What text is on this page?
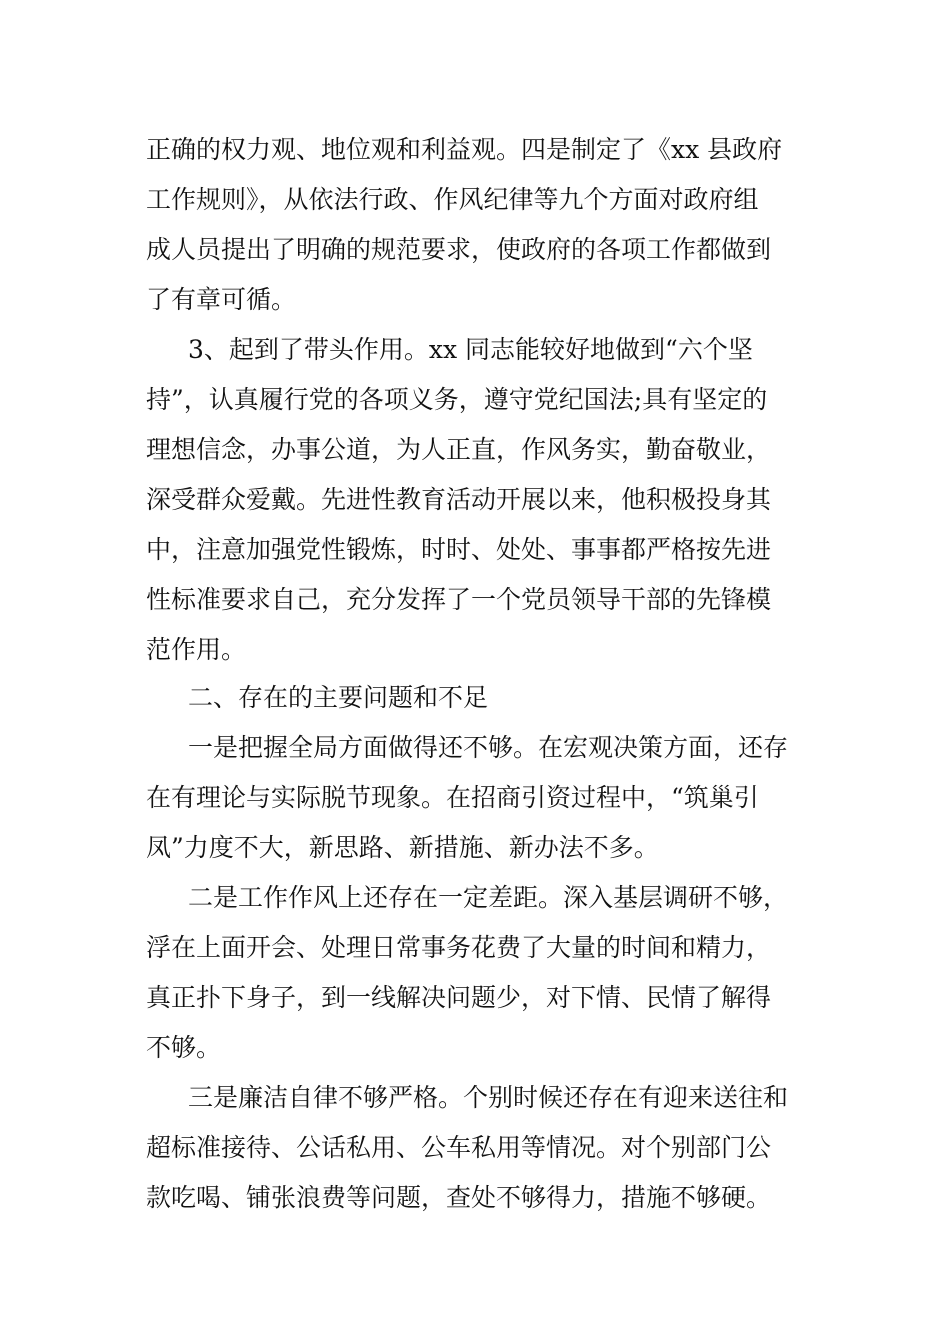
正确的权力观、地位观和利益观。四是制定了《xx 县政府
工作规则》，从依法行政、作风纪律等九个方面对政府组
成人员提出了明确的规范要求，使政府的各项工作都做到
了有章可循。
3、起到了带头作用。xx 同志能较好地做到“六个坚
持”，认真履行党的各项义务，遵守党纪国法;具有坚定的
理想信念，办事公道，为人正直，作风务实，勤奋敬业，
深受群众爱戴。先进性教育活动开展以来，他积极投身其
中，注意加强党性锻炼，时时、处处、事事都严格按先进
性标准要求自己，充分发挥了一个党员领导干部的先锋模
范作用。
二、存在的主要问题和不足
一是把握全局方面做得还不够。在宏观决策方面，还存
在有理论与实际脱节现象。在招商引资过程中，“筑巢引
凤”力度不大，新思路、新措施、新办法不多。
二是工作作风上还存在一定差距。深入基层调研不够，
浮在上面开会、处理日常事务花费了大量的时间和精力，
真正扑下身子，到一线解决问题少，对下情、民情了解得
不够。
三是廉洁自律不够严格。个别时候还存在有迎来送往和
超标准接待、公话私用、公车私用等情况。对个别部门公
款吃喝、铺张浪费等问题，查处不够得力，措施不够硬。
